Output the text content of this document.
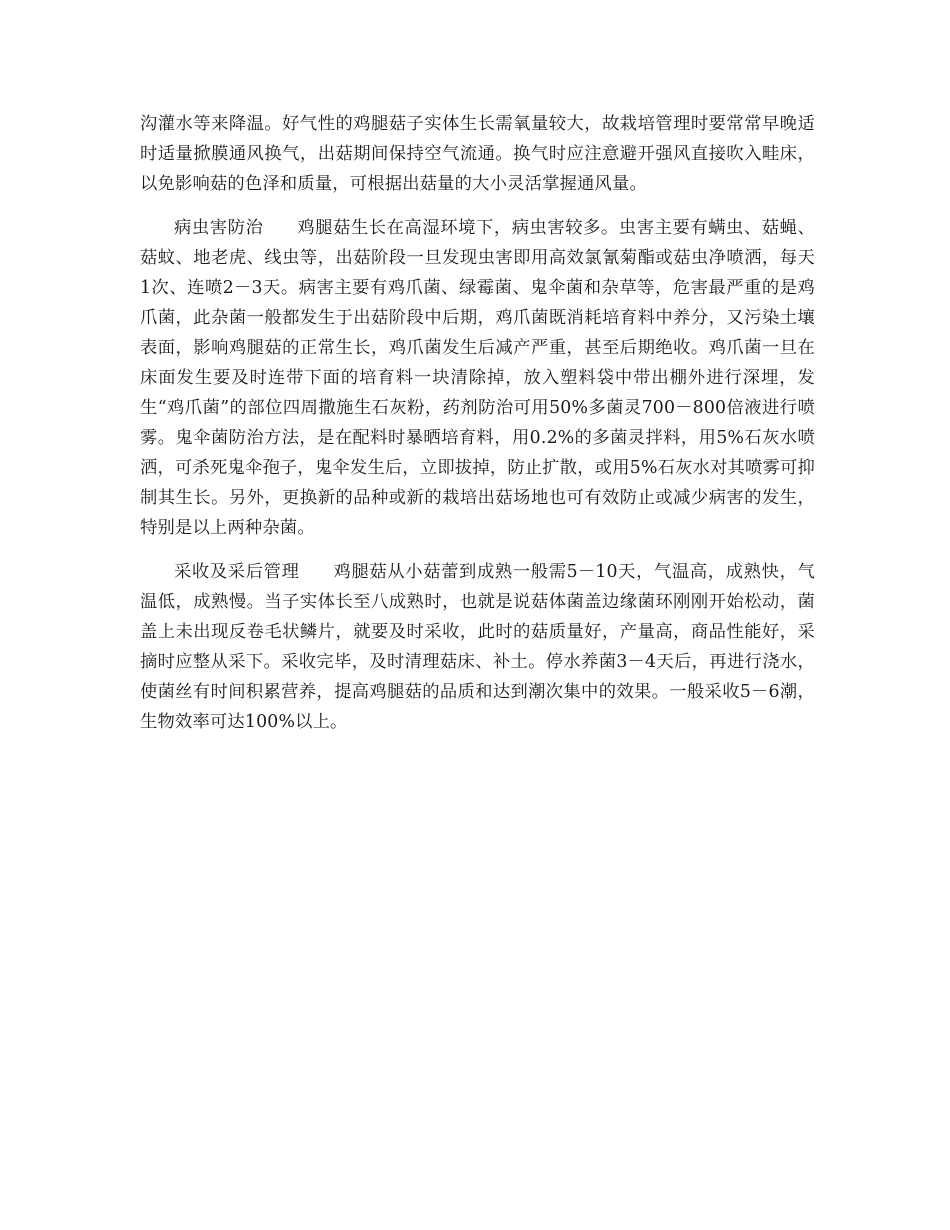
沟灌水等来降温。好气性的鸡腿菇子实体生长需氧量较大，故栽培管理时要常常早晚适时适量掀膜通风换气，出菇期间保持空气流通。换气时应注意避开强风直接吹入畦床，以免影响菇的色泽和质量，可根据出菇量的大小灵活掌握通风量。

病虫害防治 鸡腿菇生长在高湿环境下，病虫害较多。虫害主要有螨虫、菇蝇、菇蚊、地老虎、线虫等，出菇阶段一旦发现虫害即用高效氯氰菊酯或菇虫净喷洒，每天1次、连喷2－3天。病害主要有鸡爪菌、绿霉菌、鬼伞菌和杂草等，危害最严重的是鸡爪菌，此杂菌一般都发生于出菇阶段中后期，鸡爪菌既消耗培育料中养分，又污染土壤表面，影响鸡腿菇的正常生长，鸡爪菌发生后减产严重，甚至后期绝收。鸡爪菌一旦在床面发生要及时连带下面的培育料一块清除掉，放入塑料袋中带出棚外进行深埋，发生“鸡爪菌”的部位四周撒施生石灰粉，药剂防治可用50%多菌灵700－800倍液进行喷雾。鬼伞菌防治方法，是在配料时暴晒培育料，用0.2%的多菌灵拌料，用5%石灰水喷洒，可杀死鬼伞孢子，鬼伞发生后，立即拔掉，防止扩散，或用5%石灰水对其喷雾可抑制其生长。另外，更换新的品种或新的栽培出菇场地也可有效防止或减少病害的发生，特别是以上两种杂菌。

采收及采后管理 鸡腿菇从小菇蕾到成熟一般需5－10天，气温高，成熟快，气温低，成熟慢。当子实体长至八成熟时，也就是说菇体菌盖边缘菌环刚刚开始松动，菌盖上未出现反卷毛状鳞片，就要及时采收，此时的菇质量好，产量高，商品性能好，采摘时应整从采下。采收完毕，及时清理菇床、补土。停水养菌3－4天后，再进行浇水，使菌丝有时间积累营养，提高鸡腿菇的品质和达到潮次集中的效果。一般采收5－6潮，生物效率可达100%以上。
